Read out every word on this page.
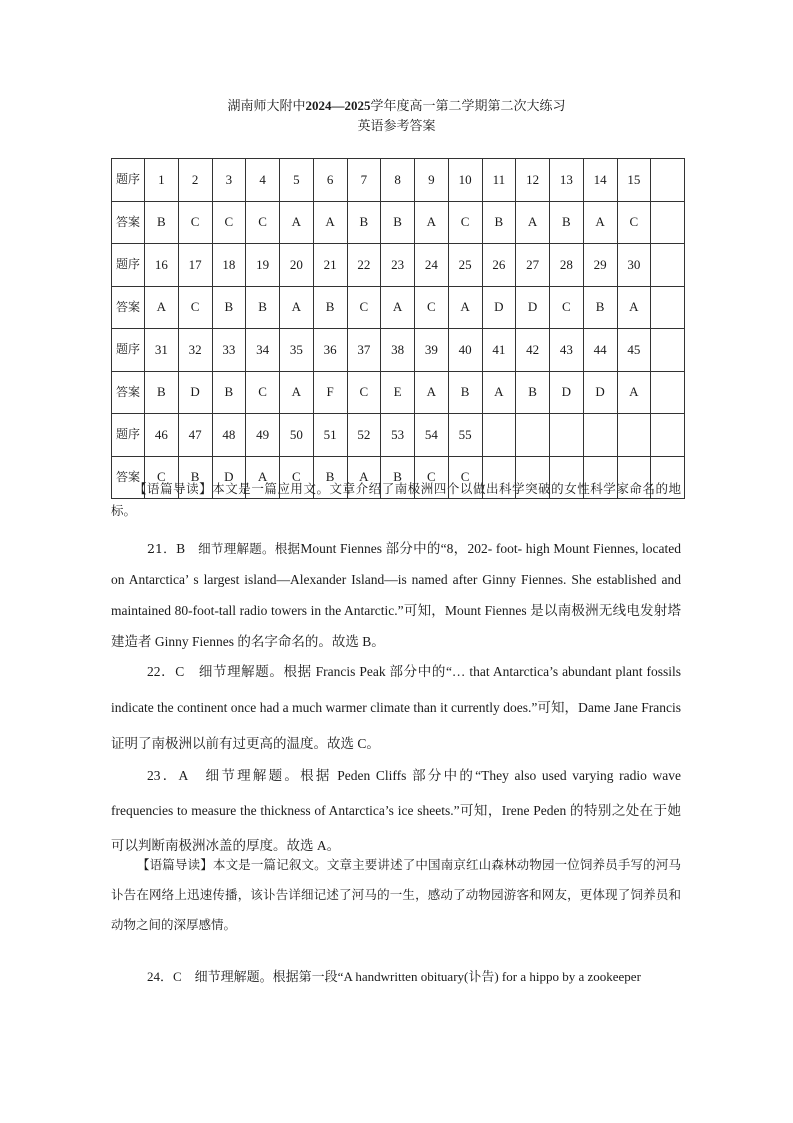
湖南师大附中2024—2025学年度高一第二学期第二次大练习
英语参考答案
题序	1	2	3	4	5	6	7	8	9	10	11	12	13	14	15	
答案	B	C	C	C	A	A	B	B	A	C	B	A	B	A	C	
题序	16	17	18	19	20	21	22	23	24	25	26	27	28	29	30	
答案	A	C	B	B	A	B	C	A	C	A	D	D	C	B	A	
题序	31	32	33	34	35	36	37	38	39	40	41	42	43	44	45	
答案	B	D	B	C	A	F	C	E	A	B	A	B	D	D	A	
题序	46	47	48	49	50	51	52	53	54	55						
答案	C	B	D	A	C	B	A	B	C	C						
【语篇导读】本文是一篇应用文。文章介绍了南极洲四个以做出科学突破的女性科学家命名的地标。
21．B　细节理解题。根据Mount Fiennes 部分中的“8，202- foot- high Mount Fiennes, located on Antarctica’ s largest island—Alexander Island—is named after Ginny Fiennes. She established and maintained 80-foot-tall radio towers in the Antarctic.”可知，Mount Fiennes 是以南极洲无线电发射塔建造者 Ginny Fiennes 的名字命名的。故选 B。
22．C　细节理解题。根据 Francis Peak 部分中的“… that Antarctica’s abundant plant fossils indicate the continent once had a much warmer climate than it currently does.”可知，Dame Jane Francis 证明了南极洲以前有过更高的温度。故选 C。
23．A　细节理解题。根据 Peden Cliffs 部分中的“They also used varying radio wave frequencies to measure the thickness of Antarctica’s ice sheets.”可知，Irene Peden 的特别之处在于她可以判断南极洲冰盖的厚度。故选 A。
【语篇导读】本文是一篇记叙文。文章主要讲述了中国南京红山森林动物园一位饲养员手写的河马讣告在网络上迅速传播，该讣告详细记述了河马的一生，感动了动物园游客和网友，更体现了饲养员和动物之间的深厚感情。
24．C　细节理解题。根据第一段“A handwritten obituary(讣告) for a hippo by a zookeeper
